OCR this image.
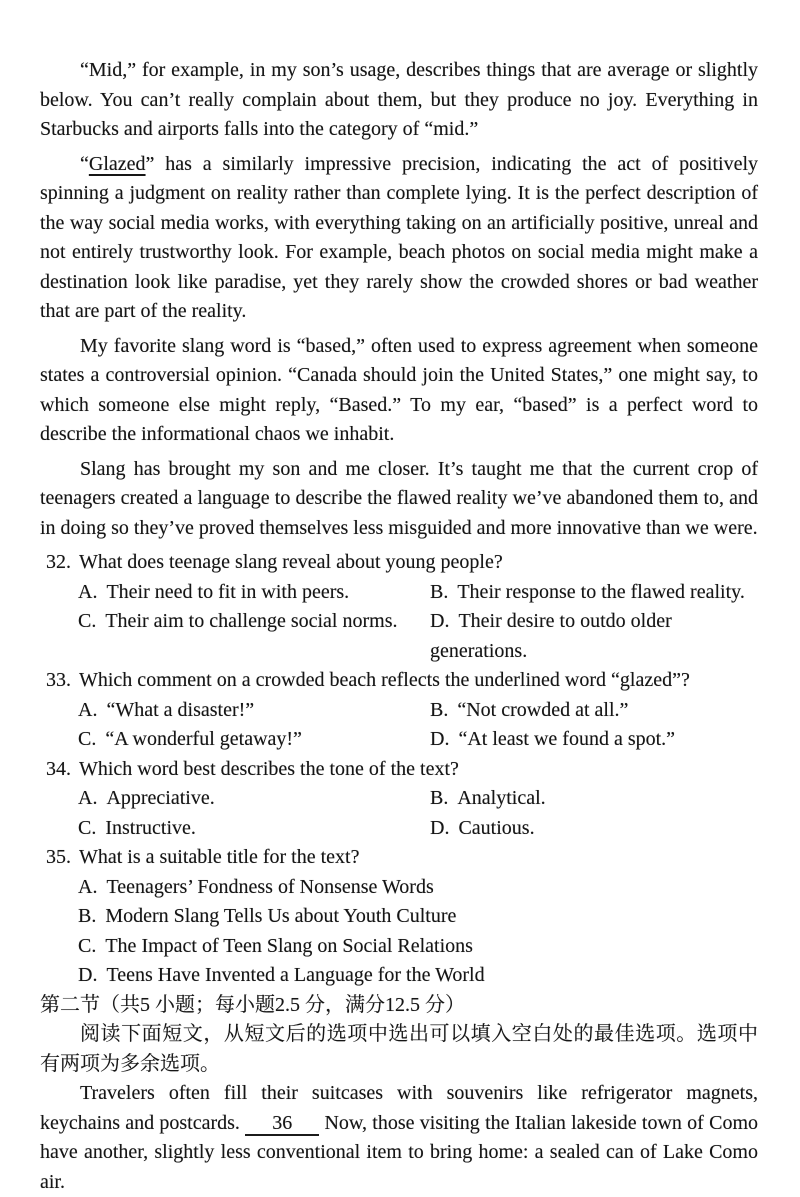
“Mid,” for example, in my son’s usage, describes things that are average or slightly below. You can’t really complain about them, but they produce no joy. Everything in Starbucks and airports falls into the category of “mid.”

“Glazed” has a similarly impressive precision, indicating the act of positively spinning a judgment on reality rather than complete lying. It is the perfect description of the way social media works, with everything taking on an artificially positive, unreal and not entirely trustworthy look. For example, beach photos on social media might make a destination look like paradise, yet they rarely show the crowded shores or bad weather that are part of the reality.

My favorite slang word is “based,” often used to express agreement when someone states a controversial opinion. “Canada should join the United States,” one might say, to which someone else might reply, “Based.” To my ear, “based” is a perfect word to describe the informational chaos we inhabit.

Slang has brought my son and me closer. It’s taught me that the current crop of teenagers created a language to describe the flawed reality we’ve abandoned them to, and in doing so they’ve proved themselves less misguided and more innovative than we were.

32. What does teenage slang reveal about young people?
A. Their need to fit in with peers.	B. Their response to the flawed reality.
C. Their aim to challenge social norms.	D. Their desire to outdo older generations.
33. Which comment on a crowded beach reflects the underlined word “glazed”?
A. “What a disaster!”	B. “Not crowded at all.”
C. “A wonderful getaway!”	D. “At least we found a spot.”
34. Which word best describes the tone of the text?
A. Appreciative.	B. Analytical.
C. Instructive.	D. Cautious.
35. What is a suitable title for the text?
A. Teenagers’ Fondness of Nonsense Words
B. Modern Slang Tells Us about Youth Culture
C. The Impact of Teen Slang on Social Relations
D. Teens Have Invented a Language for the World
第二节（共5 小题；每小题2.5 分，满分12.5 分）

阅读下面短文，从短文后的选项中选出可以填入空白处的最佳选项。选项中有两项为多余选项。

Travelers often fill their suitcases with souvenirs like refrigerator magnets, keychains and postcards. 36 Now, those visiting the Italian lakeside town of Como have another, slightly less conventional item to bring home: a sealed can of Lake Como air.
